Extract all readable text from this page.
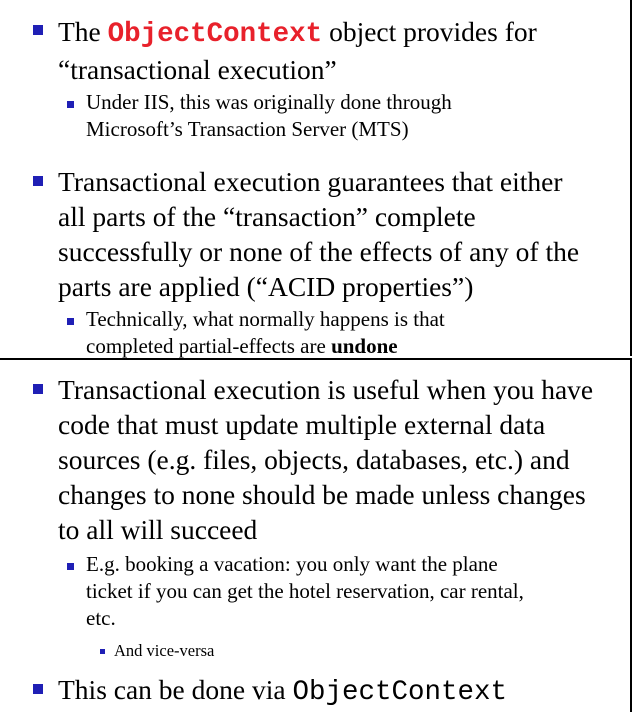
The ObjectContext object provides for
“transactional execution”
Under IIS, this was originally done through
Microsoft’s Transaction Server (MTS)
Transactional execution guarantees that either
all parts of the “transaction” complete
successfully or none of the effects of any of the
parts are applied (“ACID properties”)
Technically, what normally happens is that
completed partial-effects are undone
Transactional execution is useful when you have
code that must update multiple external data
sources (e.g. files, objects, databases, etc.) and
changes to none should be made unless changes
to all will succeed
E.g. booking a vacation: you only want the plane
ticket if you can get the hotel reservation, car rental,
etc.
And vice-versa
This can be done via ObjectContext
